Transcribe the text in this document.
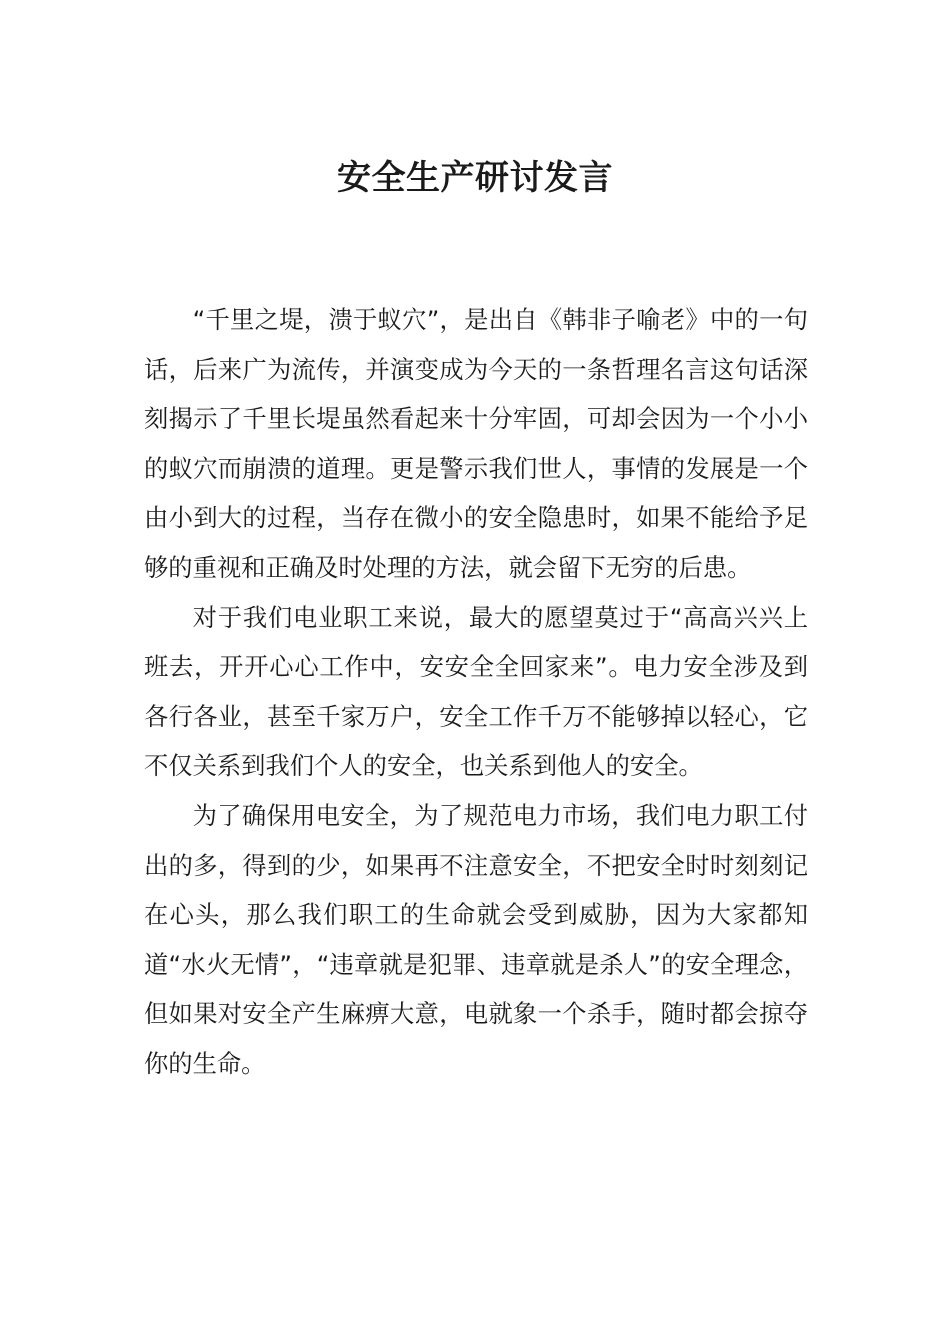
安全生产研讨发言

“千里之堤，溃于蚁穴”，是出自《韩非子喻老》中的一句话，后来广为流传，并演变成为今天的一条哲理名言这句话深刻揭示了千里长堤虽然看起来十分牢固，可却会因为一个小小的蚁穴而崩溃的道理。更是警示我们世人，事情的发展是一个由小到大的过程，当存在微小的安全隐患时，如果不能给予足够的重视和正确及时处理的方法，就会留下无穷的后患。

对于我们电业职工来说，最大的愿望莫过于“高高兴兴上班去，开开心心工作中，安安全全回家来”。电力安全涉及到各行各业，甚至千家万户，安全工作千万不能够掉以轻心，它不仅关系到我们个人的安全，也关系到他人的安全。

为了确保用电安全，为了规范电力市场，我们电力职工付出的多，得到的少，如果再不注意安全，不把安全时时刻刻记在心头，那么我们职工的生命就会受到威胁，因为大家都知道“水火无情”，“违章就是犯罪、违章就是杀人”的安全理念，但如果对安全产生麻痹大意，电就象一个杀手，随时都会掠夺你的生命。
